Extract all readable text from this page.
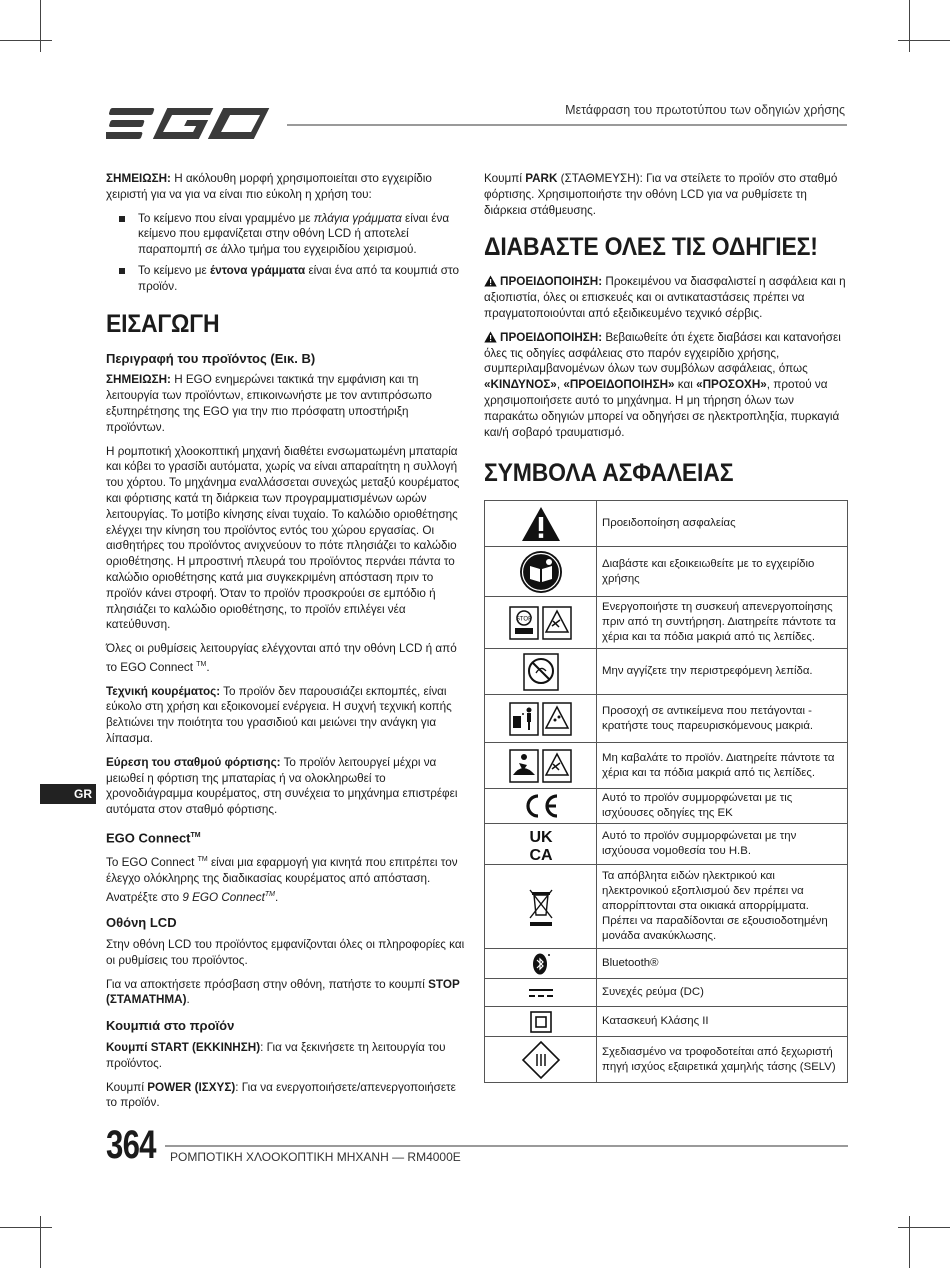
Μετάφραση του πρωτοτύπου των οδηγιών χρήσης

ΣΗΜΕΙΩΣΗ: Η ακόλουθη μορφή χρησιμοποιείται στο εγχειρίδιο χειριστή για να για να είναι πιο εύκολη η χρήση του:

Το κείμενο που είναι γραμμένο με πλάγια γράμματα είναι ένα κείμενο που εμφανίζεται στην οθόνη LCD ή αποτελεί παραπομπή σε άλλο τμήμα του εγχειριδίου χειρισμού.
Το κείμενο με έντονα γράμματα είναι ένα από τα κουμπιά στο προϊόν.
ΕΙΣΑΓΩΓΗ
Περιγραφή του προϊόντος (Εικ. Β)

ΣΗΜΕΙΩΣΗ: Η EGO ενημερώνει τακτικά την εμφάνιση και τη λειτουργία των προϊόντων, επικοινωνήστε με τον αντιπρόσωπο εξυπηρέτησης της EGO για την πιο πρόσφατη υποστήριξη προϊόντων.

Η ρομποτική χλοοκοπτική μηχανή διαθέτει ενσωματωμένη μπαταρία και κόβει το γρασίδι αυτόματα, χωρίς να είναι απαραίτητη η συλλογή του χόρτου. Το μηχάνημα εναλλάσσεται συνεχώς μεταξύ κουρέματος και φόρτισης κατά τη διάρκεια των προγραμματισμένων ωρών λειτουργίας. Το μοτίβο κίνησης είναι τυχαίο. Το καλώδιο οριοθέτησης ελέγχει την κίνηση του προϊόντος εντός του χώρου εργασίας. Οι αισθητήρες του προϊόντος ανιχνεύουν το πότε πλησιάζει το καλώδιο οριοθέτησης. Η μπροστινή πλευρά του προϊόντος περνάει πάντα το καλώδιο οριοθέτησης κατά μια συγκεκριμένη απόσταση πριν το προϊόν κάνει στροφή. Όταν το προϊόν προσκρούει σε εμπόδιο ή πλησιάζει το καλώδιο οριοθέτησης, το προϊόν επιλέγει νέα κατεύθυνση.

Όλες οι ρυθμίσεις λειτουργίας ελέγχονται από την οθόνη LCD ή από το EGO Connect ™.

Τεχνική κουρέματος: Το προϊόν δεν παρουσιάζει εκπομπές, είναι εύκολο στη χρήση και εξοικονομεί ενέργεια. Η συχνή τεχνική κοπής βελτιώνει την ποιότητα του γρασιδιού και μειώνει την ανάγκη για λίπασμα.

Εύρεση του σταθμού φόρτισης: Το προϊόν λειτουργεί μέχρι να μειωθεί η φόρτιση της μπαταρίας ή να ολοκληρωθεί το χρονοδιάγραμμα κουρέματος, στη συνέχεια το μηχάνημα επιστρέφει αυτόματα στον σταθμό φόρτισης.

EGO Connect™

Το EGO Connect ™ είναι μια εφαρμογή για κινητά που επιτρέπει τον έλεγχο ολόκληρης της διαδικασίας κουρέματος από απόσταση. Ανατρέξτε στο 9 EGO Connect™.

Οθόνη LCD

Στην οθόνη LCD του προϊόντος εμφανίζονται όλες οι πληροφορίες και οι ρυθμίσεις του προϊόντος.

Για να αποκτήσετε πρόσβαση στην οθόνη, πατήστε το κουμπί STOP (ΣΤΑΜΑΤΗΜΑ).

Κουμπιά στο προϊόν

Κουμπί START (ΕΚΚΙΝΗΣΗ): Για να ξεκινήσετε τη λειτουργία του προϊόντος.

Κουμπί POWER (ΙΣΧΥΣ): Για να ενεργοποιήσετε/απενεργοποιήσετε το προϊόν.

GR

Κουμπί PARK (ΣΤΑΘΜΕΥΣΗ): Για να στείλετε το προϊόν στο σταθμό φόρτισης. Χρησιμοποιήστε την οθόνη LCD για να ρυθμίσετε τη διάρκεια στάθμευσης.

ΔΙΑΒΑΣΤΕ ΟΛΕΣ ΤΙΣ ΟΔΗΓΙΕΣ!

ΠΡΟΕΙΔΟΠΟΙΗΣΗ: Προκειμένου να διασφαλιστεί η ασφάλεια και η αξιοπιστία, όλες οι επισκευές και οι αντικαταστάσεις πρέπει να πραγματοποιούνται από εξειδικευμένο τεχνικό σέρβις.

ΠΡΟΕΙΔΟΠΟΙΗΣΗ: Βεβαιωθείτε ότι έχετε διαβάσει και κατανοήσει όλες τις οδηγίες ασφάλειας στο παρόν εγχειρίδιο χρήσης, συμπεριλαμβανομένων όλων των συμβόλων ασφάλειας, όπως «ΚΙΝΔΥΝΟΣ», «ΠΡΟΕΙΔΟΠΟΙΗΣΗ» και «ΠΡΟΣΟΧΗ», προτού να χρησιμοποιήσετε αυτό το μηχάνημα. Η μη τήρηση όλων των παρακάτω οδηγιών μπορεί να οδηγήσει σε ηλεκτροπληξία, πυρκαγιά και/ή σοβαρό τραυματισμό.

ΣΥΜΒΟΛΑ ΑΣΦΑΛΕΙΑΣ
	Προειδοποίηση ασφαλείας

	Διαβάστε και εξοικειωθείτε με το εγχειρίδιο χρήσης

STOP	Ενεργοποιήστε τη συσκευή απενεργοποίησης πριν από τη συντήρηση. Διατηρείτε πάντοτε τα χέρια και τα πόδια μακριά από τις λεπίδες.

	Μην αγγίζετε την περιστρεφόμενη λεπίδα.

	Προσοχή σε αντικείμενα που πετάγονται - κρατήστε τους παρευρισκόμενους μακριά.

	Μη καβαλάτε το προϊόν. Διατηρείτε πάντοτε τα χέρια και τα πόδια μακριά από τις λεπίδες.

	Αυτό το προϊόν συμμορφώνεται με τις ισχύουσες οδηγίες της ΕΚ

UK
CA	Αυτό το προϊόν συμμορφώνεται με την ισχύουσα νομοθεσία του Η.Β.

	Τα απόβλητα ειδών ηλεκτρικού και ηλεκτρονικού εξοπλισμού δεν πρέπει να απορρίπτονται στα οικιακά απορρίμματα. Πρέπει να παραδίδονται σε εξουσιοδοτημένη μονάδα ανακύκλωσης.

	Bluetooth®

	Συνεχές ρεύμα (DC)

	Κατασκευή Κλάσης II

	Σχεδιασμένο να τροφοδοτείται από ξεχωριστή πηγή ισχύος εξαιρετικά χαμηλής τάσης (SELV)
364 ΡΟΜΠΟΤΙΚΗ ΧΛΟΟΚΟΠΤΙΚΗ ΜΗΧΑΝΗ — RM4000E
